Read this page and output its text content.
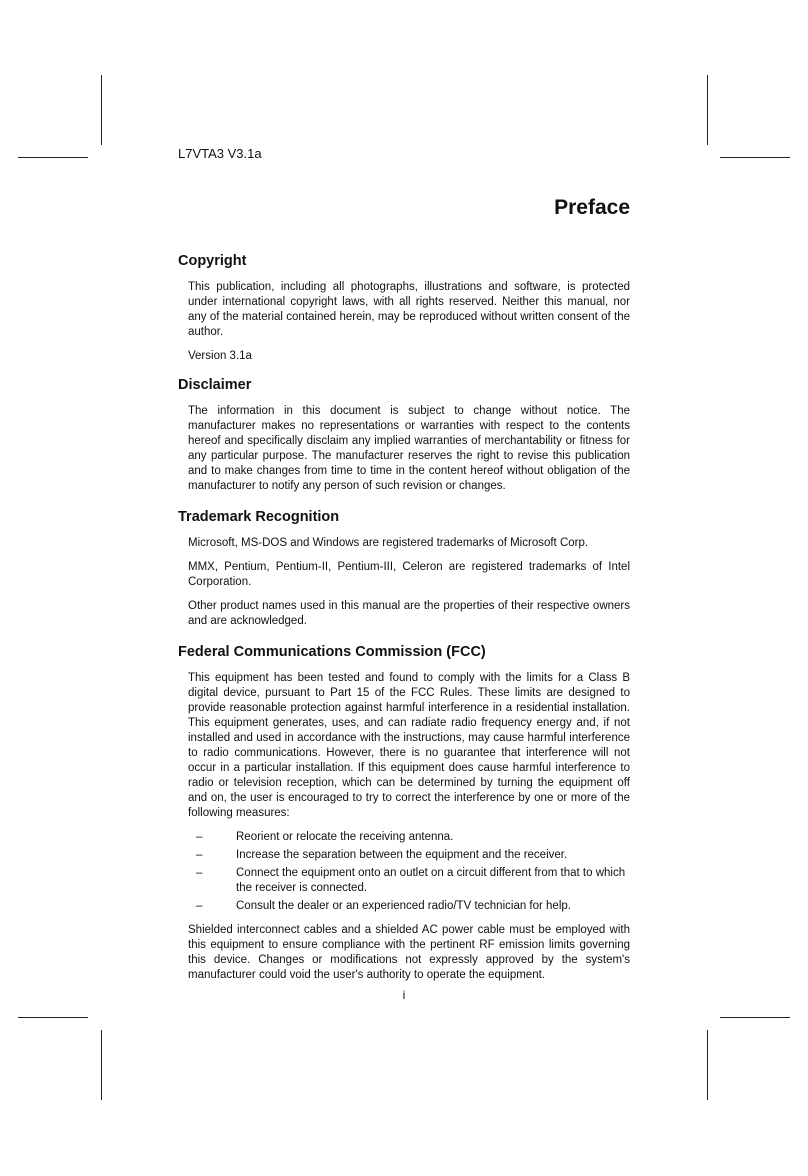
L7VTA3 V3.1a
Preface
Copyright

This publication, including all photographs, illustrations and software, is protected under international copyright laws, with all rights reserved. Neither this manual, nor any of the material contained herein, may be reproduced without written consent of the author.

Version 3.1a

Disclaimer

The information in this document is subject to change without notice. The manufacturer makes no representations or warranties with respect to the contents hereof and specifically disclaim any implied warranties of merchantability or fitness for any particular purpose. The manufacturer reserves the right to revise this publication and to make changes from time to time in the content hereof without obligation of the manufacturer to notify any person of such revision or changes.

Trademark Recognition

Microsoft, MS-DOS and Windows are registered trademarks of Microsoft Corp.

MMX, Pentium, Pentium-II, Pentium-III, Celeron are registered trademarks of Intel Corporation.

Other product names used in this manual are the properties of their respective owners and are acknowledged.

Federal Communications Commission (FCC)

This equipment has been tested and found to comply with the limits for a Class B digital device, pursuant to Part 15 of the FCC Rules. These limits are designed to provide reasonable protection against harmful interference in a residential installation. This equipment generates, uses, and can radiate radio frequency energy and, if not installed and used in accordance with the instructions, may cause harmful interference to radio communications. However, there is no guarantee that interference will not occur in a particular installation. If this equipment does cause harmful interference to radio or television reception, which can be determined by turning the equipment off and on, the user is encouraged to try to correct the interference by one or more of the following measures:

–	Reorient or relocate the receiving antenna.
–	Increase the separation between the equipment and the receiver.
–	Connect the equipment onto an outlet on a circuit different from that to which the receiver is connected.
–	Consult the dealer or an experienced radio/TV technician for help.

Shielded interconnect cables and a shielded AC power cable must be employed with this equipment to ensure compliance with the pertinent RF emission limits governing this device. Changes or modifications not expressly approved by the system's manufacturer could void the user's authority to operate the equipment.

i
